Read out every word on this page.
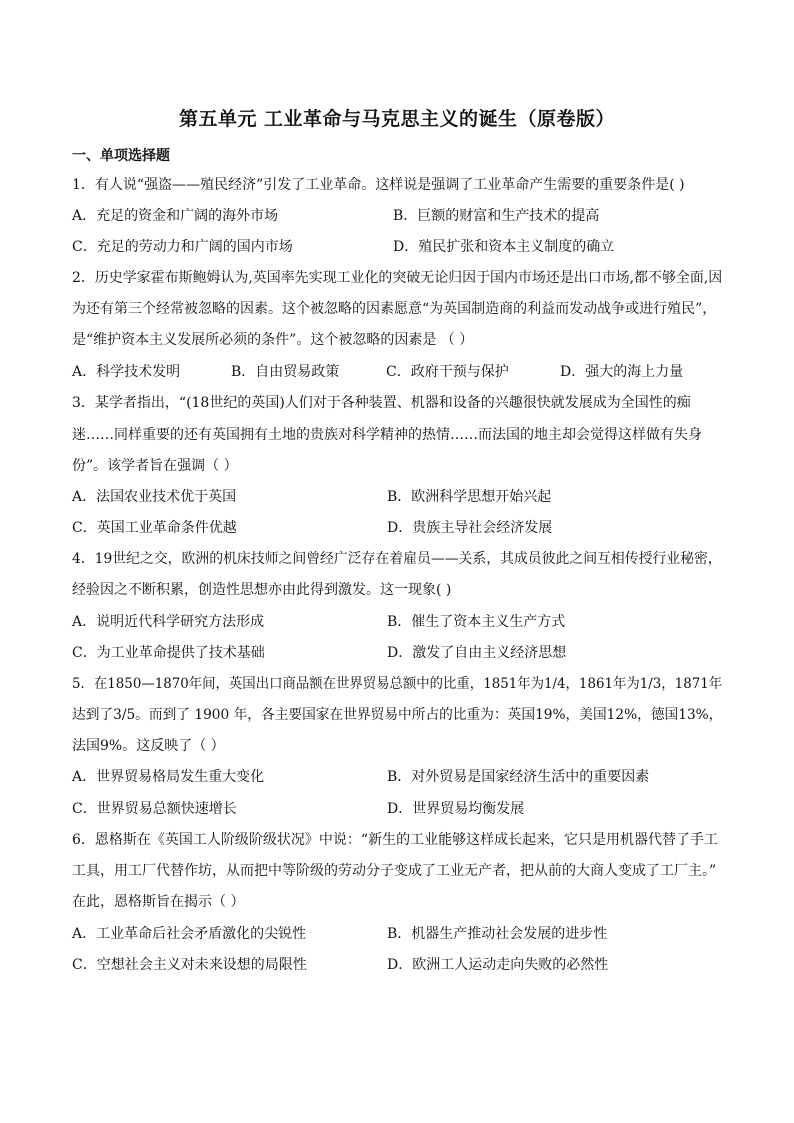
第五单元 工业革命与马克思主义的诞生（原卷版）
一、单项选择题
1．有人说“强盗——殖民经济”引发了工业革命。这样说是强调了工业革命产生需要的重要条件是( )
A．充足的资金和广阔的海外市场	B．巨额的财富和生产技术的提高
C．充足的劳动力和广阔的国内市场	D．殖民扩张和资本主义制度的确立
2．历史学家霍布斯鲍姆认为,英国率先实现工业化的突破无论归因于国内市场还是出口市场,都不够全面,因
为还有第三个经常被忽略的因素。这个被忽略的因素愿意“为英国制造商的利益而发动战争或进行殖民”，
是“维护资本主义发展所必须的条件”。这个被忽略的因素是 （ ）
A．科学技术发明	B．自由贸易政策	C．政府干预与保护	D．强大的海上力量
3．某学者指出，“(18世纪的英国)人们对于各种装置、机器和设备的兴趣很快就发展成为全国性的痴
迷……同样重要的还有英国拥有土地的贵族对科学精神的热情……而法国的地主却会觉得这样做有失身
份”。该学者旨在强调（ ）
A．法国农业技术优于英国	B．欧洲科学思想开始兴起
C．英国工业革命条件优越	D．贵族主导社会经济发展
4．19世纪之交，欧洲的机床技师之间曾经广泛存在着雇员——关系，其成员彼此之间互相传授行业秘密，
经验因之不断积累，创造性思想亦由此得到激发。这一现象( )
A．说明近代科学研究方法形成	B．催生了资本主义生产方式
C．为工业革命提供了技术基础	D．激发了自由主义经济思想
5．在1850—1870年间，英国出口商品额在世界贸易总额中的比重，1851年为1/4，1861年为1/3，1871年
达到了3/5。而到了 1900 年，各主要国家在世界贸易中所占的比重为：英国19%，美国12%，德国13%，
法国9%。这反映了（ ）
A．世界贸易格局发生重大变化	B．对外贸易是国家经济生活中的重要因素
C．世界贸易总额快速增长	D．世界贸易均衡发展
6．恩格斯在《英国工人阶级阶级状况》中说：“新生的工业能够这样成长起来，它只是用机器代替了手工
工具，用工厂代替作坊，从而把中等阶级的劳动分子变成了工业无产者，把从前的大商人变成了工厂主。”
在此，恩格斯旨在揭示（ ）
A．工业革命后社会矛盾激化的尖锐性	B．机器生产推动社会发展的进步性
C．空想社会主义对未来设想的局限性	D．欧洲工人运动走向失败的必然性
